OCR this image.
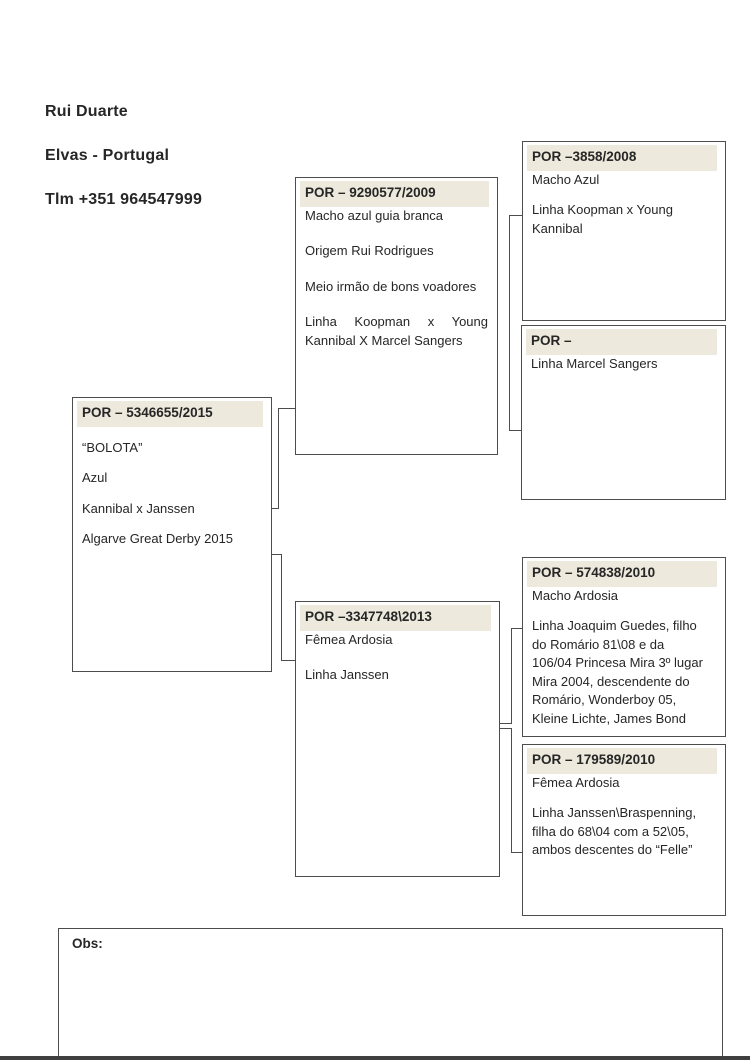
Rui Duarte
Elvas - Portugal
Tlm +351 964547999
POR – 5346655/2015

“BOLOTA”

Azul

Kannibal x Janssen

Algarve Great Derby 2015

POR – 9290577/2009

Macho azul guia branca

Origem Rui Rodrigues

Meio irmão de bons voadores

Linha Koopman x Young

Kannibal X Marcel Sangers

POR –3347748\2013

Fêmea Ardosia

Linha Janssen

POR –3858/2008

Macho Azul

Linha Koopman x Young

Kannibal

POR –

Linha Marcel Sangers

POR – 574838/2010

Macho Ardosia

Linha Joaquim Guedes, filho

do Romário 81\08 e da

106/04 Princesa Mira 3º lugar

Mira 2004, descendente do

Romário, Wonderboy 05,

Kleine Lichte, James Bond

POR – 179589/2010

Fêmea Ardosia

Linha Janssen\Braspenning,

filha do 68\04 com a 52\05,

ambos descentes do “Felle”

Obs:
